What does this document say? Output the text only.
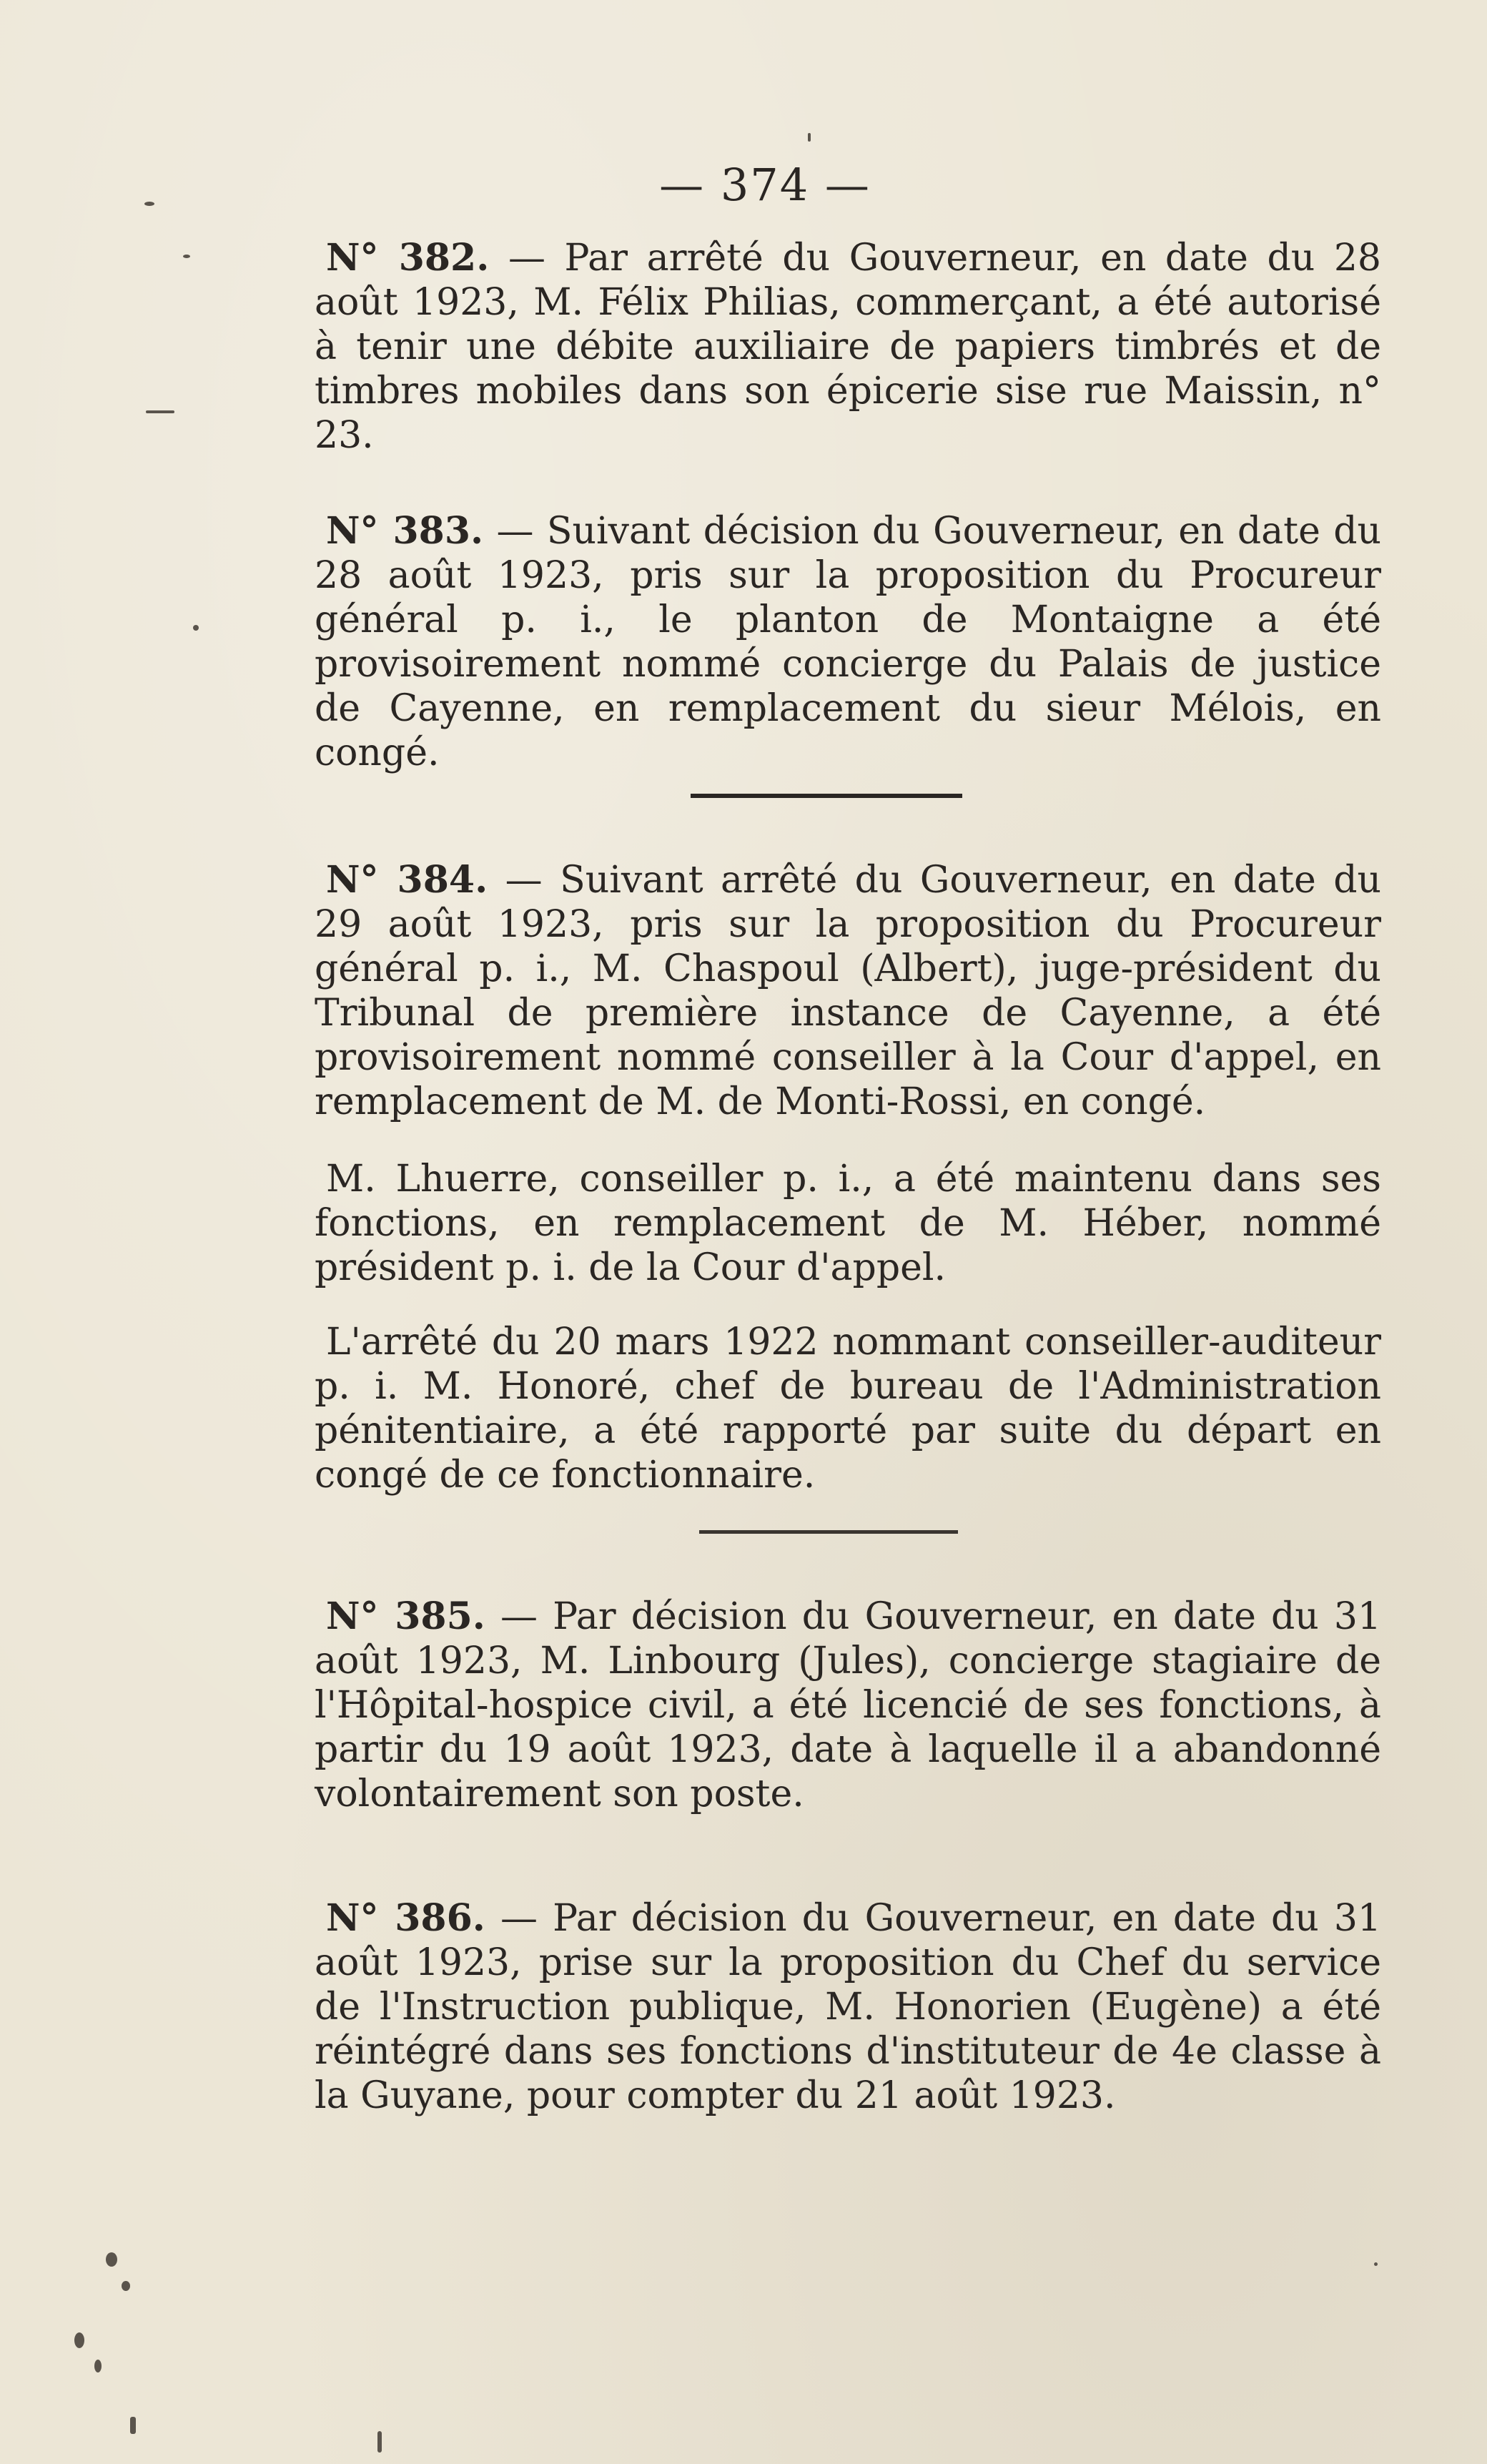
— 374 —

N° 382. — Par arrêté du Gouverneur, en date du 28 août 1923, M. Félix Philias, commerçant, a été autorisé à tenir une débite auxiliaire de papiers timbrés et de timbres mobiles dans son épicerie sise rue Maissin, n° 23.

N° 383. — Suivant décision du Gouverneur, en date du 28 août 1923, pris sur la proposition du Procureur général p. i., le planton de Montaigne a été provisoirement nommé concierge du Palais de justice de Cayenne, en remplacement du sieur Mélois, en congé.

N° 384. — Suivant arrêté du Gouverneur, en date du 29 août 1923, pris sur la proposition du Procureur général p. i., M. Chaspoul (Albert), juge-président du Tribunal de première instance de Cayenne, a été provisoirement nommé conseiller à la Cour d'appel, en remplacement de M. de Monti-Rossi, en congé.

M. Lhuerre, conseiller p. i., a été maintenu dans ses fonctions, en remplacement de M. Héber, nommé président p. i. de la Cour d'appel.

L'arrêté du 20 mars 1922 nommant conseiller-auditeur p. i. M. Honoré, chef de bureau de l'Administration pénitentiaire, a été rapporté par suite du départ en congé de ce fonctionnaire.

N° 385. — Par décision du Gouverneur, en date du 31 août 1923, M. Linbourg (Jules), concierge stagiaire de l'Hôpital-hospice civil, a été licencié de ses fonctions, à partir du 19 août 1923, date à laquelle il a abandonné volontairement son poste.

N° 386. — Par décision du Gouverneur, en date du 31 août 1923, prise sur la proposition du Chef du service de l'Instruction publique, M. Honorien (Eugène) a été réintégré dans ses fonctions d'instituteur de 4e classe à la Guyane, pour compter du 21 août 1923.
